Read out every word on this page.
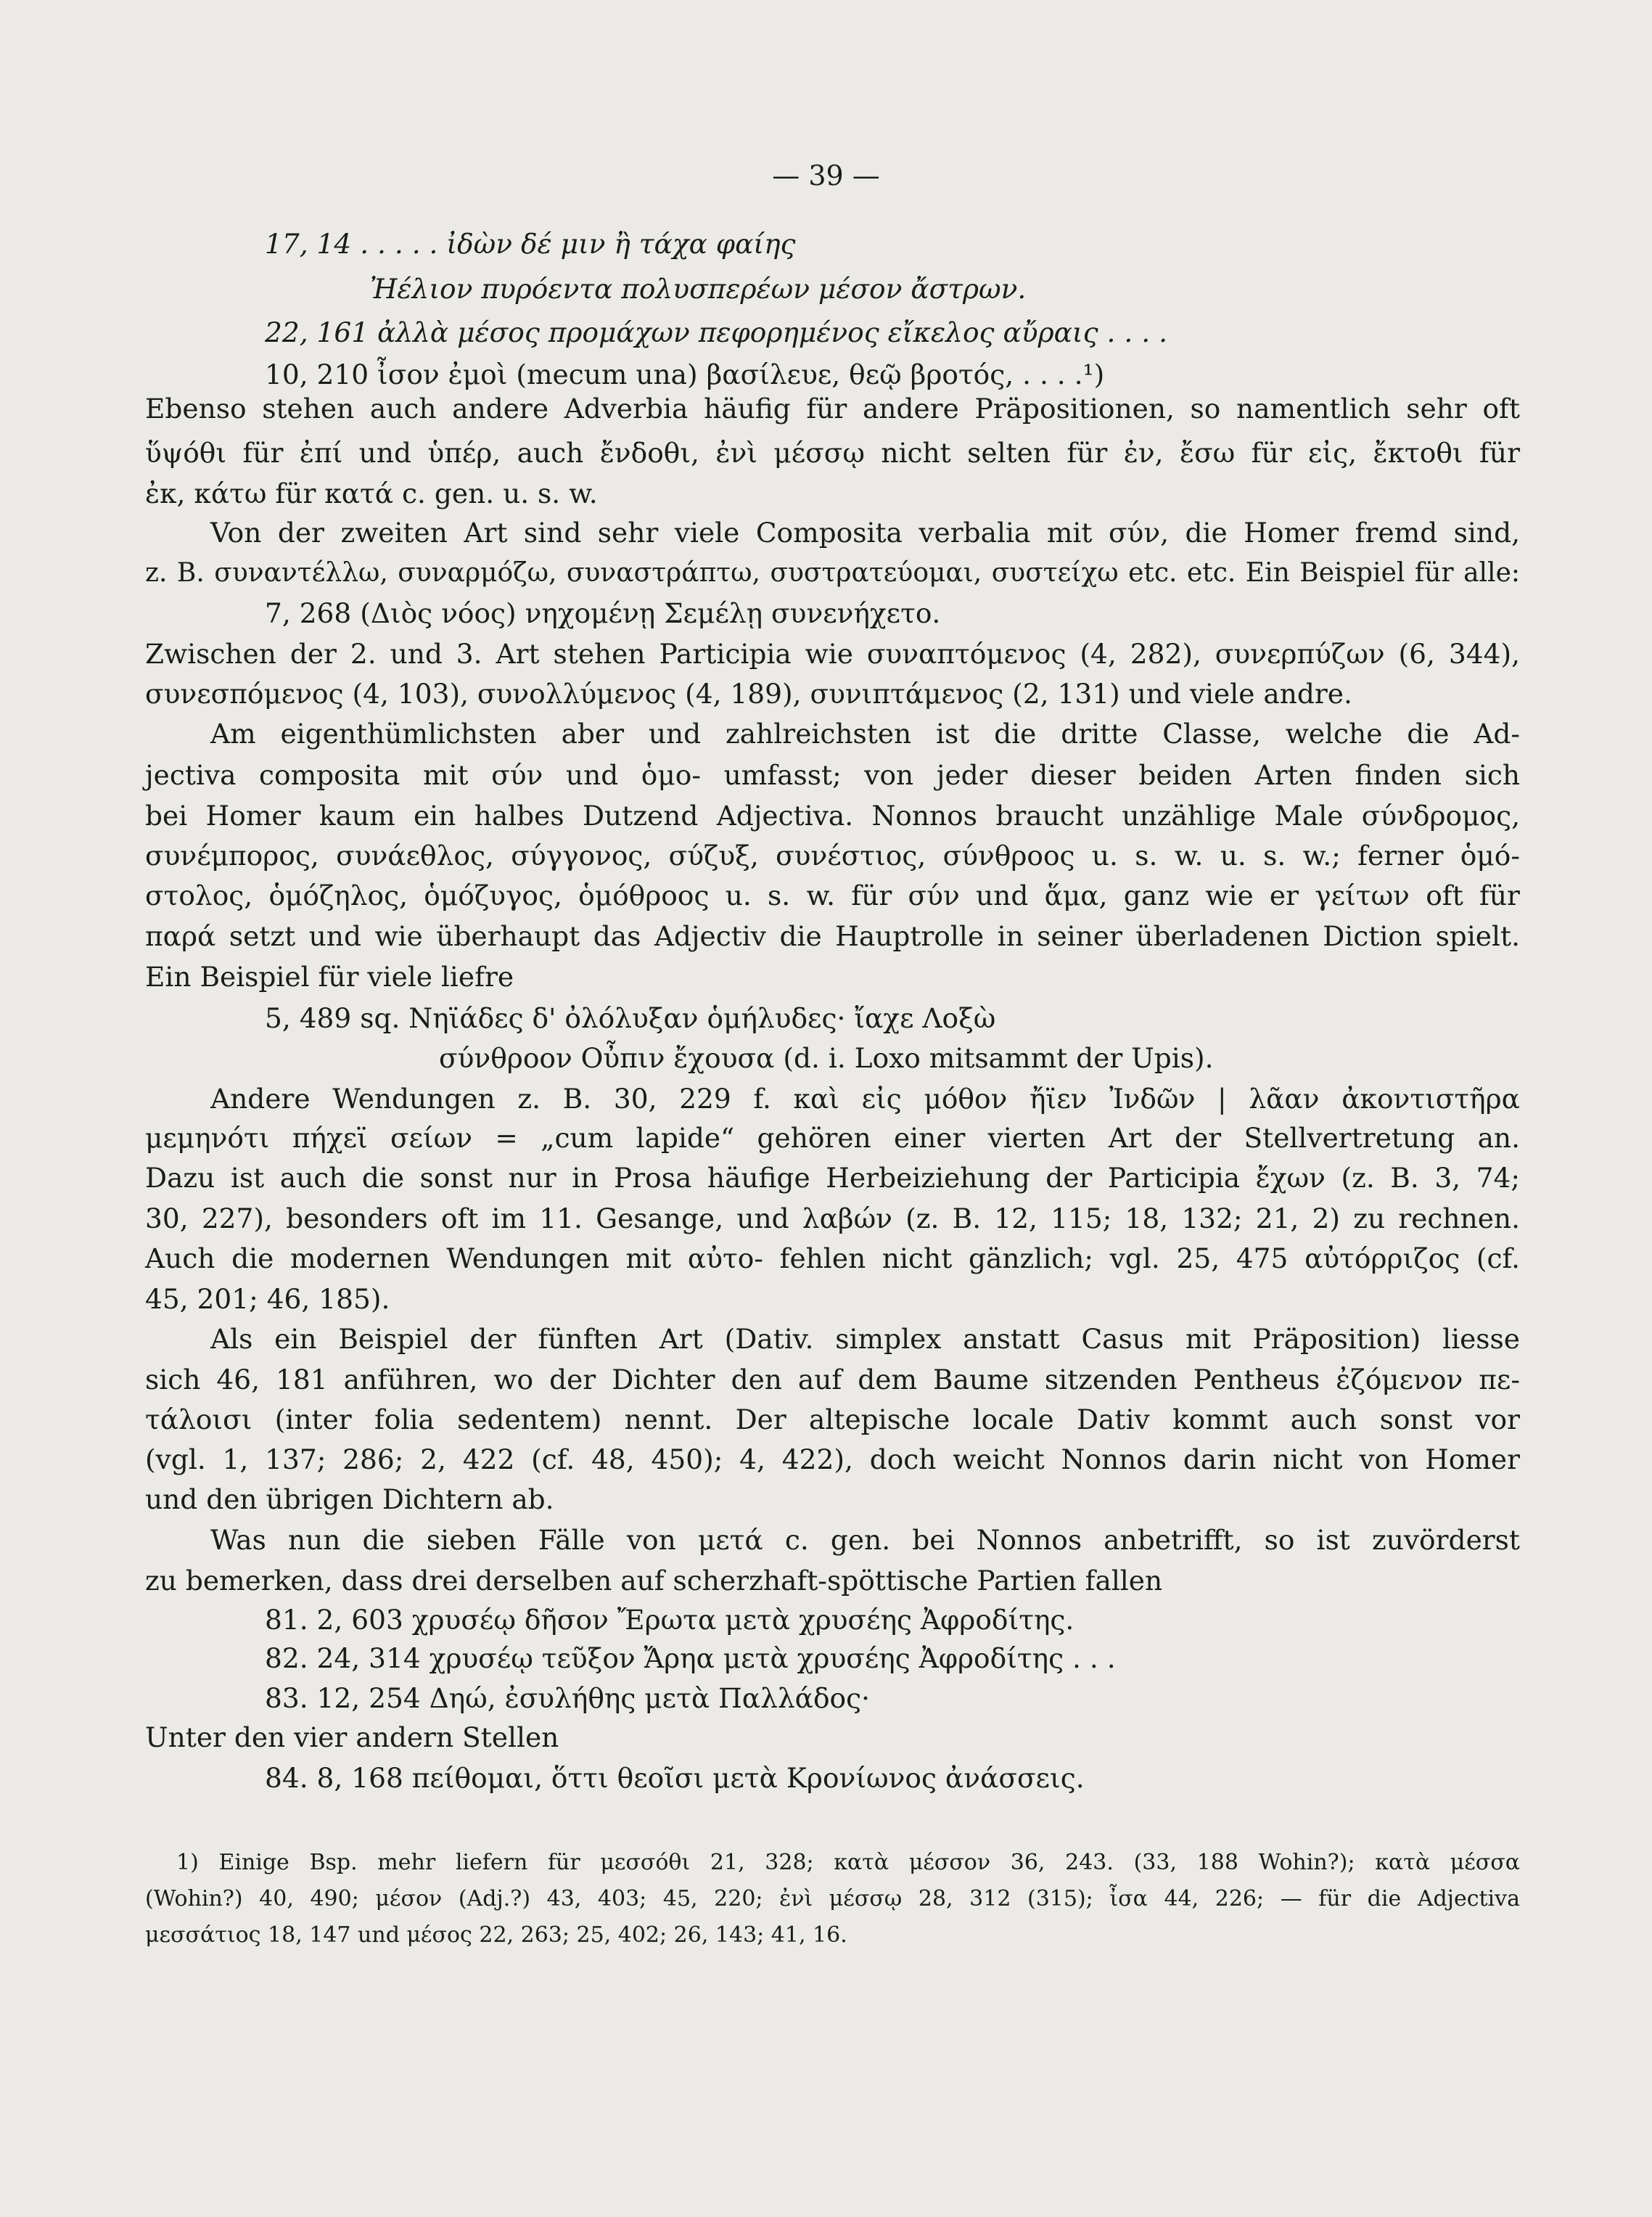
— 39 —
17, 14 . . . . . ἰδὼν δέ μιν ἢ τάχα φαίης
Ἠέλιον πυρόεντα πολυσπερέων μέσον ἄστρων.
22, 161 ἀλλὰ μέσος προμάχων πεφορημένος εἴκελος αὔραις . . . .
10, 210 ἶσον ἐμοὶ (mecum una) βασίλευε, θεῷ βροτός, . . . .¹)
Ebenso stehen auch andere Adverbia häufig für andere Präpositionen, so namentlich sehr oft
ὕψόθι für ἐπί und ὑπέρ, auch ἔνδοθι, ἐνὶ μέσσῳ nicht selten für ἐν, ἔσω für εἰς, ἔκτοθι für
ἐκ, κάτω für κατά c. gen. u. s. w.
Von der zweiten Art sind sehr viele Composita verbalia mit σύν, die Homer fremd sind,
z. B. συναντέλλω, συναρμόζω, συναστράπτω, συστρατεύομαι, συστείχω etc. etc. Ein Beispiel für alle:
7, 268 (Διὸς νόος) νηχομένῃ Σεμέλῃ συνενήχετο.
Zwischen der 2. und 3. Art stehen Participia wie συναπτόμενος (4, 282), συνερπύζων (6, 344),
συνεσπόμενος (4, 103), συνολλύμενος (4, 189), συνιπτάμενος (2, 131) und viele andre.
Am eigenthümlichsten aber und zahlreichsten ist die dritte Classe, welche die Ad-
jectiva composita mit σύν und ὁμο- umfasst; von jeder dieser beiden Arten finden sich
bei Homer kaum ein halbes Dutzend Adjectiva. Nonnos braucht unzählige Male σύνδρομος,
συνέμπορος, συνάεθλος, σύγγονος, σύζυξ, συνέστιος, σύνθροος u. s. w. u. s. w.; ferner ὁμό-
στολος, ὁμόζηλος, ὁμόζυγος, ὁμόθροος u. s. w. für σύν und ἅμα, ganz wie er γείτων oft für
παρά setzt und wie überhaupt das Adjectiv die Hauptrolle in seiner überladenen Diction spielt.
Ein Beispiel für viele liefre
5, 489 sq. Νηϊάδες δ' ὀλόλυξαν ὁμήλυδες· ἴαχε Λοξὼ
σύνθροον Οὖπιν ἔχουσα (d. i. Loxo mitsammt der Upis).
Andere Wendungen z. B. 30, 229 f. καὶ εἰς μόθον ἤϊεν Ἰνδῶν | λᾶαν ἀκοντιστῆρα
μεμηνότι πήχεϊ σείων = „cum lapide“ gehören einer vierten Art der Stellvertretung an.
Dazu ist auch die sonst nur in Prosa häufige Herbeiziehung der Participia ἔχων (z. B. 3, 74;
30, 227), besonders oft im 11. Gesange, und λαβών (z. B. 12, 115; 18, 132; 21, 2) zu rechnen.
Auch die modernen Wendungen mit αὐτο- fehlen nicht gänzlich; vgl. 25, 475 αὐτόρριζος (cf.
45, 201; 46, 185).
Als ein Beispiel der fünften Art (Dativ. simplex anstatt Casus mit Präposition) liesse
sich 46, 181 anführen, wo der Dichter den auf dem Baume sitzenden Pentheus ἐζόμενον πε-
τάλοισι (inter folia sedentem) nennt. Der altepische locale Dativ kommt auch sonst vor
(vgl. 1, 137; 286; 2, 422 (cf. 48, 450); 4, 422), doch weicht Nonnos darin nicht von Homer
und den übrigen Dichtern ab.
Was nun die sieben Fälle von μετά c. gen. bei Nonnos anbetrifft, so ist zuvörderst
zu bemerken, dass drei derselben auf scherzhaft-spöttische Partien fallen
81. 2, 603 χρυσέῳ δῆσον Ἔρωτα μετὰ χρυσέης Ἀφροδίτης.
82. 24, 314 χρυσέῳ τεῦξον Ἄρηα μετὰ χρυσέης Ἀφροδίτης . . .
83. 12, 254 Δηώ, ἐσυλήθης μετὰ Παλλάδος·
Unter den vier andern Stellen
84. 8, 168 πείθομαι, ὅττι θεοῖσι μετὰ Κρονίωνος ἀνάσσεις.
1) Einige Bsp. mehr liefern für μεσσόθι 21, 328; κατὰ μέσσον 36, 243. (33, 188 Wohin?); κατὰ μέσσα
(Wohin?) 40, 490; μέσον (Adj.?) 43, 403; 45, 220; ἐνὶ μέσσῳ 28, 312 (315); ἶσα 44, 226; — für die Adjectiva
μεσσάτιος 18, 147 und μέσος 22, 263; 25, 402; 26, 143; 41, 16.
